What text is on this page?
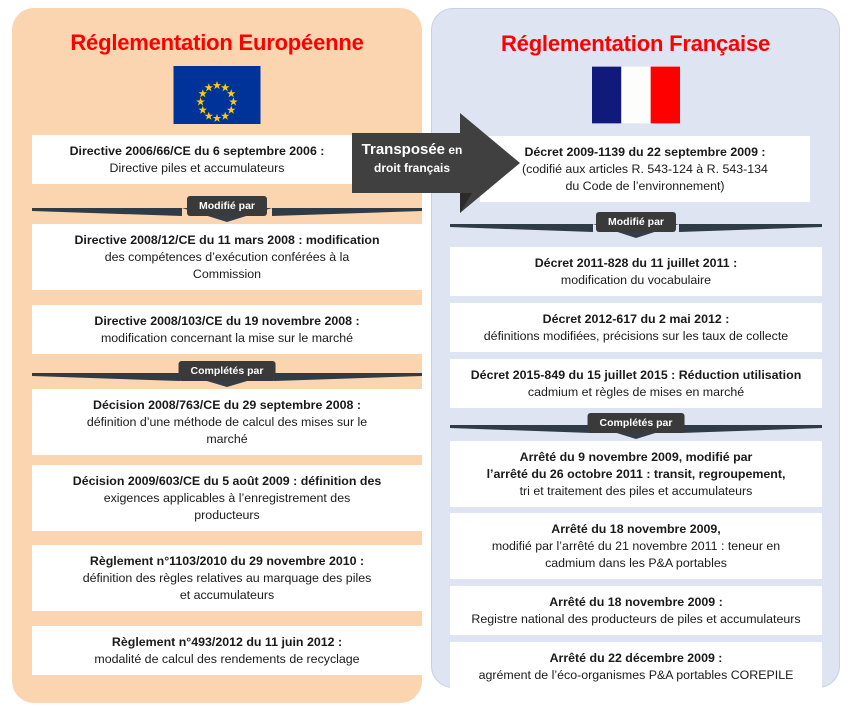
Réglementation Européenne
Directive 2006/66/CE du 6 septembre 2006 :
Directive piles et accumulateurs
Modifié par
Directive 2008/12/CE du 11 mars 2008 : modification
des compétences d’exécution conférées à la
Commission
Directive 2008/103/CE du 19 novembre 2008 :
modification concernant la mise sur le marché
Complétés par
Décision 2008/763/CE du 29 septembre 2008 :
définition d’une méthode de calcul des mises sur le
marché
Décision 2009/603/CE du 5 août 2009 : définition des
exigences applicables à l’enregistrement des
producteurs
Règlement n°1103/2010 du 29 novembre 2010 :
définition des règles relatives au marquage des piles
et accumulateurs
Règlement n°493/2012 du 11 juin 2012 :
modalité de calcul des rendements de recyclage
Réglementation Française
Décret 2009-1139 du 22 septembre 2009 :
(codifié aux articles R. 543-124 à R. 543-134
du Code de l’environnement)
Modifié par
Décret 2011-828 du 11 juillet 2011 :
modification du vocabulaire
Décret 2012-617 du 2 mai 2012 :
définitions modifiées, précisions sur les taux de collecte
Décret 2015-849 du 15 juillet 2015 : Réduction utilisation
cadmium et règles de mises en marché
Complétés par
Arrêté du 9 novembre 2009, modifié par
l’arrêté du 26 octobre 2011 : transit, regroupement,
tri et traitement des piles et accumulateurs
Arrêté du 18 novembre 2009,
modifié par l’arrêté du 21 novembre 2011 : teneur en
cadmium dans les P&A portables
Arrêté du 18 novembre 2009 :
Registre national des producteurs de piles et accumulateurs
Arrêté du 22 décembre 2009 :
agrément de l’éco-organismes P&A portables COREPILE
Transposée en
droit français
